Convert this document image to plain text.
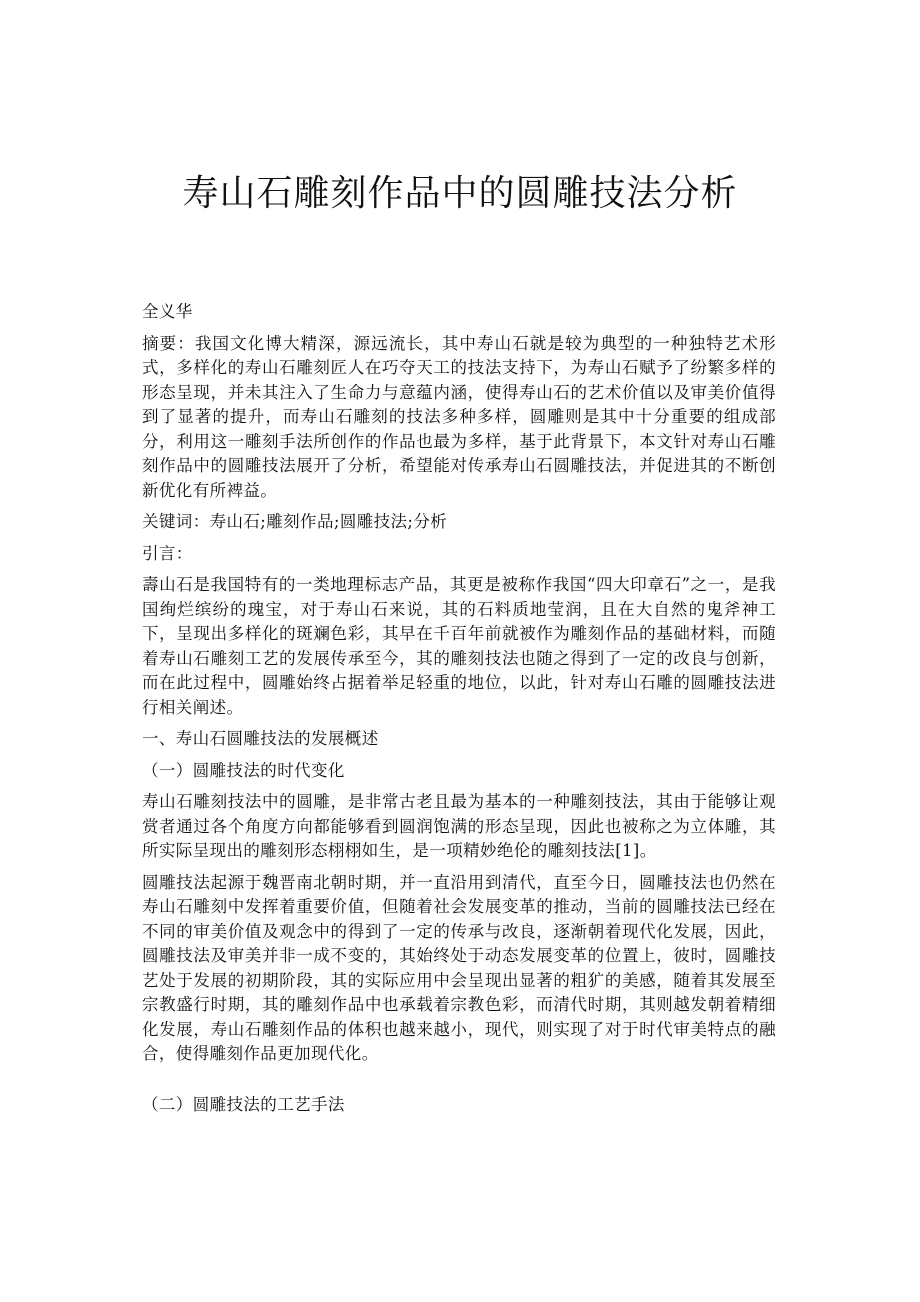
寿山石雕刻作品中的圆雕技法分析

全义华

摘要：我国文化博大精深，源远流长，其中寿山石就是较为典型的一种独特艺术形式，多样化的寿山石雕刻匠人在巧夺天工的技法支持下，为寿山石赋予了纷繁多样的形态呈现，并未其注入了生命力与意蕴内涵，使得寿山石的艺术价值以及审美价值得到了显著的提升，而寿山石雕刻的技法多种多样，圆雕则是其中十分重要的组成部分，利用这一雕刻手法所创作的作品也最为多样，基于此背景下，本文针对寿山石雕刻作品中的圆雕技法展开了分析，希望能对传承寿山石圆雕技法，并促进其的不断创新优化有所裨益。

关键词：寿山石;雕刻作品;圆雕技法;分析

引言：

壽山石是我国特有的一类地理标志产品，其更是被称作我国“四大印章石”之一，是我国绚烂缤纷的瑰宝，对于寿山石来说，其的石料质地莹润，且在大自然的鬼斧神工下，呈现出多样化的斑斓色彩，其早在千百年前就被作为雕刻作品的基础材料，而随着寿山石雕刻工艺的发展传承至今，其的雕刻技法也随之得到了一定的改良与创新，而在此过程中，圆雕始终占据着举足轻重的地位，以此，针对寿山石雕的圆雕技法进行相关阐述。

一、寿山石圆雕技法的发展概述

（一）圆雕技法的时代变化

寿山石雕刻技法中的圆雕，是非常古老且最为基本的一种雕刻技法，其由于能够让观赏者通过各个角度方向都能够看到圆润饱满的形态呈现，因此也被称之为立体雕，其所实际呈现出的雕刻形态栩栩如生，是一项精妙绝伦的雕刻技法[1]。

圆雕技法起源于魏晋南北朝时期，并一直沿用到清代，直至今日，圆雕技法也仍然在寿山石雕刻中发挥着重要价值，但随着社会发展变革的推动，当前的圆雕技法已经在不同的审美价值及观念中的得到了一定的传承与改良，逐渐朝着现代化发展，因此，圆雕技法及审美并非一成不变的，其始终处于动态发展变革的位置上，彼时，圆雕技艺处于发展的初期阶段，其的实际应用中会呈现出显著的粗犷的美感，随着其发展至宗教盛行时期，其的雕刻作品中也承载着宗教色彩，而清代时期，其则越发朝着精细化发展，寿山石雕刻作品的体积也越来越小，现代，则实现了对于时代审美特点的融合，使得雕刻作品更加现代化。

（二）圆雕技法的工艺手法
